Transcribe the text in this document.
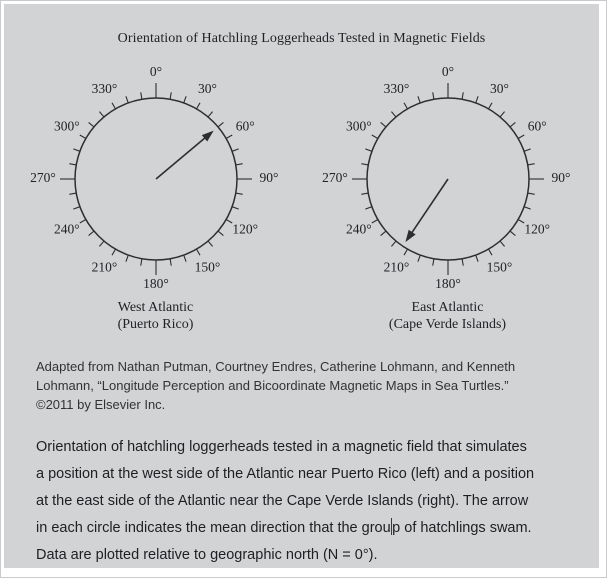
Orientation of Hatchling Loggerheads Tested in Magnetic Fields
0°
30°
60°
90°
120°
150°
180°
210°
240°
270°
300°
330°
West Atlantic
(Puerto Rico)
0°
30°
60°
90°
120°
150°
180°
210°
240°
270°
300°
330°
East Atlantic
(Cape Verde Islands)
Adapted from Nathan Putman, Courtney Endres, Catherine Lohmann, and Kenneth
Lohmann, “Longitude Perception and Bicoordinate Magnetic Maps in Sea Turtles.”
©2011 by Elsevier Inc.
Orientation of hatchling loggerheads tested in a magnetic field that simulates
a position at the west side of the Atlantic near Puerto Rico (left) and a position
at the east side of the Atlantic near the Cape Verde Islands (right). The arrow
in each circle indicates the mean direction that the grou p of hatchlings swam.
Data are plotted relative to geographic north (N = 0°).
